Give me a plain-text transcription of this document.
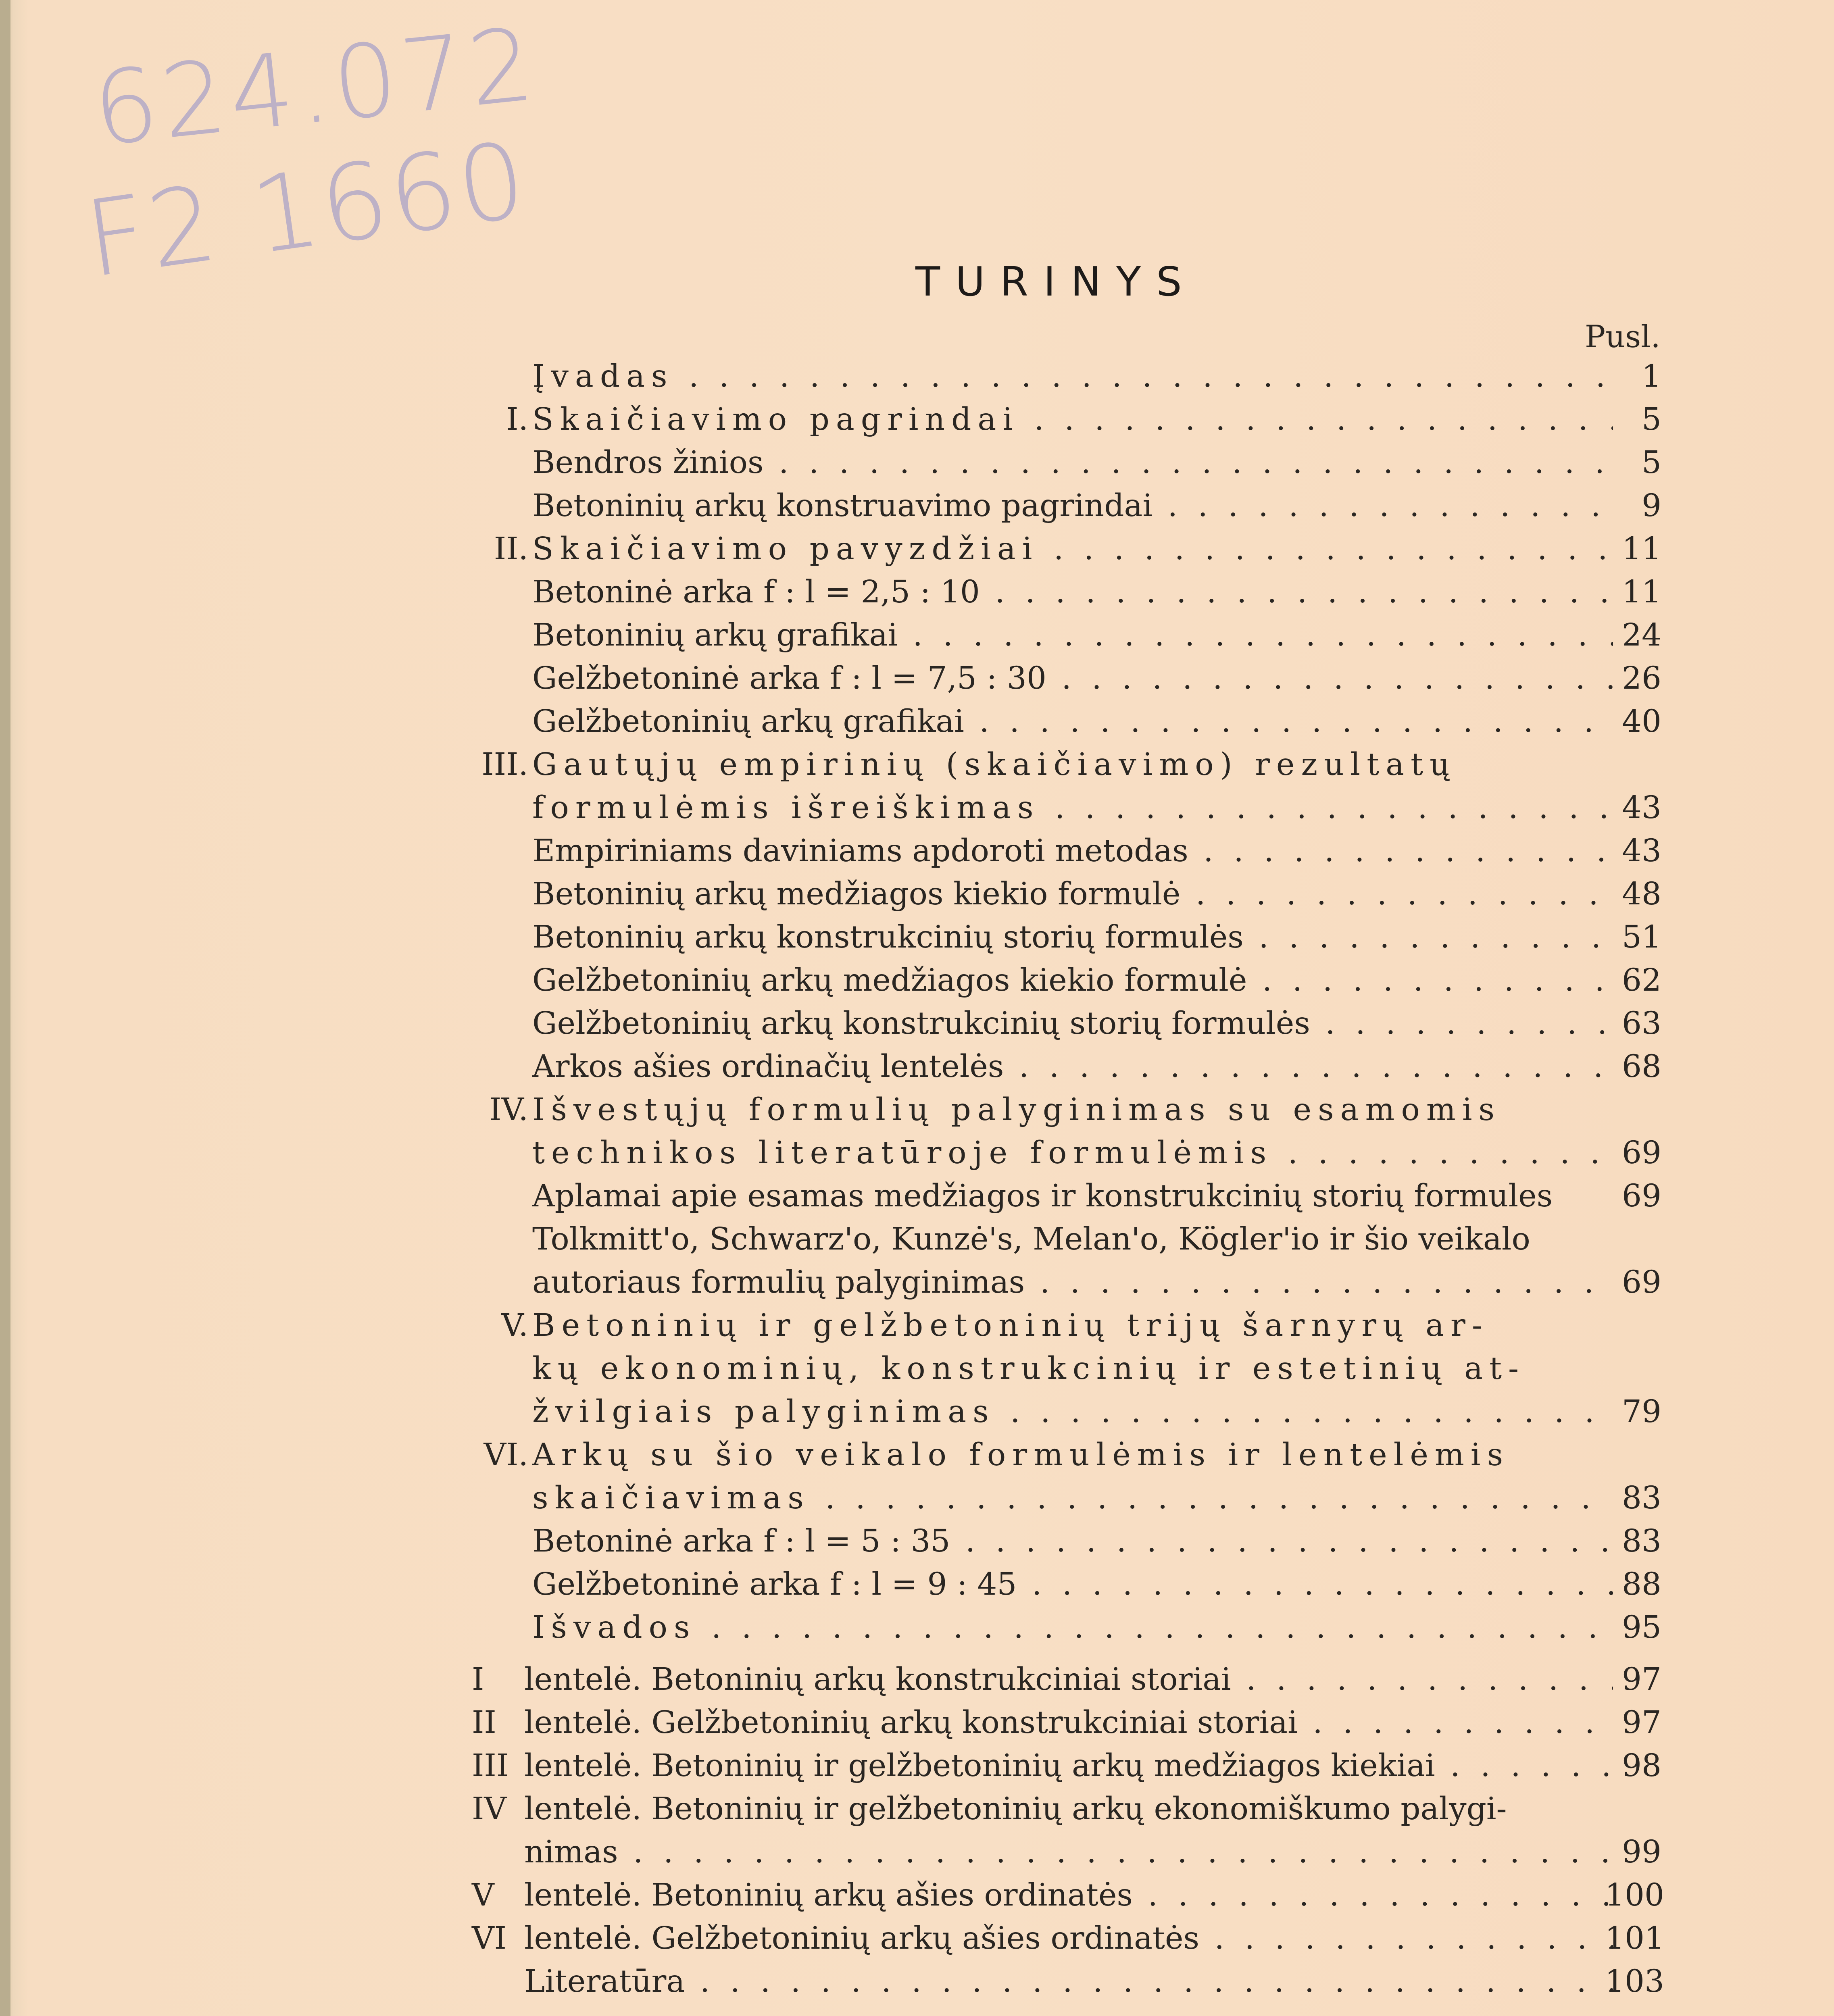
624.072
F2 1660	TURINYS
Pusl.
Įvadas . . .	1
I. Skaičiavimo pagrindai . . .	5
Bendros žinios . . .	5
Betoninių arkų konstruavimo pagrindai . . .	9
II. Skaičiavimo pavyzdžiai . . .	11
Betoninė arka f : l = 2,5 : 10 . . .	11
Betoninių arkų grafikai . . .	24
Gelžbetoninė arka f : l = 7,5 : 30 . . .	26
Gelžbetoninių arkų grafikai . . .	40
III. Gautųjų empirinių (skaičiavimo) rezultatų
formulėmis išreiškimas . . .	43
Empiriniams daviniams apdoroti metodas . . .	43
Betoninių arkų medžiagos kiekio formulė . . .	48
Betoninių arkų konstrukcinių storių formulės . . .	51
Gelžbetoninių arkų medžiagos kiekio formulė . . .	62
Gelžbetoninių arkų konstrukcinių storių formulės . . .	63
Arkos ašies ordinačių lentelės . . .	68
IV. Išvestųjų formulių palyginimas su esamomis
technikos literatūroje formulėmis . . .	69
Aplamai apie esamas medžiagos ir konstrukcinių storių formules	69
Tolkmitt'o, Schwarz'o, Kunzė's, Melan'o, Kögler'io ir šio veikalo
autoriaus formulių palyginimas . . .	69
V. Betoninių ir gelžbetoninių trijų šarnyrų ar-
kų ekonominių, konstrukcinių ir estetinių at-
žvilgiais palyginimas . . .	79
VI. Arkų su šio veikalo formulėmis ir lentelėmis
skaičiavimas . . .	83
Betoninė arka f : l = 5 : 35 . . .	83
Gelžbetoninė arka f : l = 9 : 45 . . .	88
Išvados . . .	95
I	lentelė. Betoninių arkų konstrukciniai storiai . . .	97
II lentelė. Gelžbetoninių arkų konstrukciniai storiai . . .	97
III lentelė. Betoninių ir gelžbetoninių arkų medžiagos kiekiai . . .	98
IV lentelė. Betoninių ir gelžbetoninių arkų ekonomiškumo palygi-
nimas . . .	99
V lentelė. Betoninių arkų ašies ordinatės . . .	100
VI lentelė. Gelžbetoninių arkų ašies ordinatės . . .	101
Literatūra . . .	103
